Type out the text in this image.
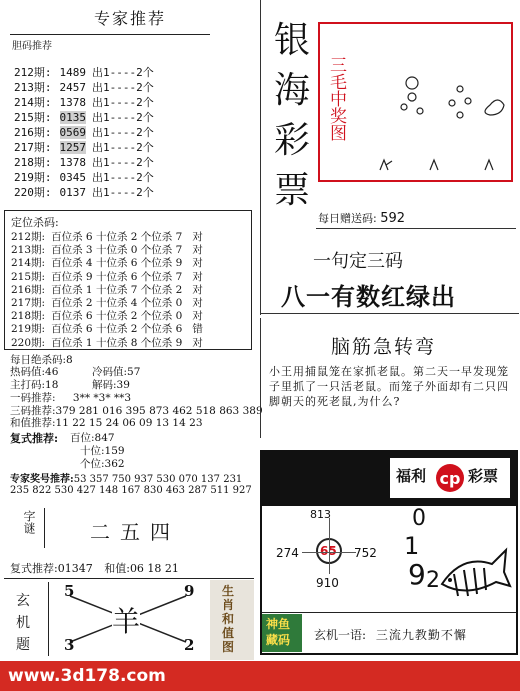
专家推荐
胆码推荐
212期: 1489 出1----2个
213期: 2457 出1----2个
214期: 1378 出1----2个
215期: 0135 出1----2个
216期: 0569 出1----2个
217期: 1257 出1----2个
218期: 1378 出1----2个
219期: 0345 出1----2个
220期: 0137 出1----2个
银
海
彩
票
三毛中奖图
每日赠送码: 592
定位杀码:
212期: 百位杀 6 十位杀 2 个位杀 7 对
213期: 百位杀 3 十位杀 0 个位杀 7 对
214期: 百位杀 4 十位杀 6 个位杀 9 对
215期: 百位杀 9 十位杀 6 个位杀 7 对
216期: 百位杀 1 十位杀 7 个位杀 2 对
217期: 百位杀 2 十位杀 4 个位杀 0 对
218期: 百位杀 6 十位杀 2 个位杀 0 对
219期: 百位杀 6 十位杀 2 个位杀 6 错
220期: 百位杀 1 十位杀 8 个位杀 9 对
一句定三码
八一有数红绿出
每日绝杀码:8
热码值:46	冷码值:57
主打码:18	解码:39
一码推荐: 3** *3* **3
三码推荐:379 281 016 395 873 462 518 863 389
和值推荐:11 22 15 24 06 09 13 14 23
复式推荐: 百位:847
十位:159
个位:362
专家奖号推荐:53 357 750 937 530 070 137 231
235 822 530 427 148 167 830 463 287 511 927
脑筋急转弯
小王用捕鼠笼在家抓老鼠。第二天一早发现笼子里抓了一只活老鼠。而笼子外面却有二只四脚朝天的死老鼠,为什么?
字谜	二五四
复式推荐:01347 和值:06 18 21
玄机题
5	9
3	2
羊
生肖和值图
福利 cp 彩票
813
274 65 752
910
0
1
9 2
神鱼藏码	玄机一语: 三流九教勤不懈
www.3d178.com
